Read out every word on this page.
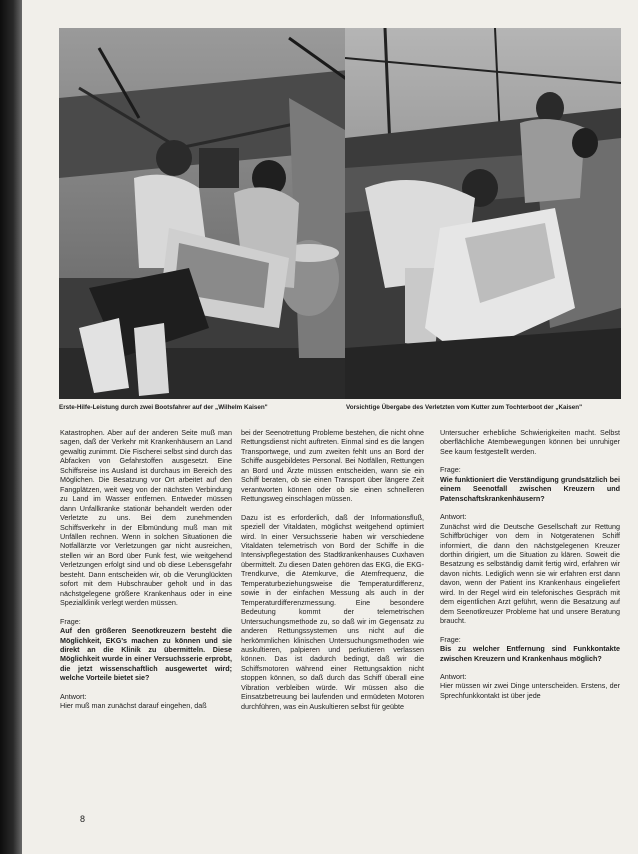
Erste-Hilfe-Leistung durch zwei Bootsfahrer auf der „Wilhelm Kaisen"	Vorsichtige Übergabe des Verletzten vom Kutter zum Tochterboot der „Kaisen"

Katastrophen. Aber auf der anderen Seite muß man sagen, daß der Verkehr mit Krankenhäusern an Land gewaltig zunimmt. Die Fischerei selbst sind durch das Abfacken von Gefahrstoffen ausgesetzt. Eine Schiffsreise ins Ausland ist durchaus im Bereich des Möglichen. Die Besatzung vor Ort arbeitet auf den Fangplätzen, weit weg von der nächsten Verbindung zu Land im Wasser entfernen. Entweder müssen dann Unfallkranke stationär behandelt werden oder Verletzte zu uns. Bei dem zunehmenden Schiffsverkehr in der Elbmündung muß man mit Unfällen rechnen. Wenn in solchen Situationen die Notfallärzte vor Verletzungen gar nicht ausreichen, stellen wir an Bord über Funk fest, wie weitgehend Verletzungen erfolgt sind und ob diese Lebensgefahr besteht. Dann entscheiden wir, ob die Verunglückten sofort mit dem Hubschrauber geholt und in das nächstgelegene größere Krankenhaus oder in eine Spezialklinik verlegt werden müssen.

Frage:
Auf den größeren Seenotkreuzern besteht die Möglichkeit, EKG's machen zu können und sie direkt an die Klinik zu übermitteln. Diese Möglichkeit wurde in einer Versuchsserie erprobt, die jetzt wissenschaftlich ausgewertet wird; welche Vorteile bietet sie?

Antwort:
Hier muß man zunächst darauf eingehen, daß

bei der Seenotrettung Probleme bestehen, die nicht ohne Rettungsdienst nicht auftreten. Einmal sind es die langen Transportwege, und zum zweiten fehlt uns an Bord der Schiffe ausgebildetes Personal. Bei Notfällen, Rettungen an Bord und Ärzte müssen entscheiden, wann sie ein Schiff beraten, ob sie einen Transport über längere Zeit verantworten können oder ob sie einen schnelleren Rettungsweg einschlagen müssen.

Dazu ist es erforderlich, daß der Informationsfluß, speziell der Vitaldaten, möglichst weitgehend optimiert wird. In einer Versuchsserie haben wir verschiedene Vitaldaten telemetrisch von Bord der Schiffe in die Intensivpflegestation des Stadtkrankenhauses Cuxhaven übermittelt. Zu diesen Daten gehören das EKG, die EKG-Trendkurve, die Atemkurve, die Atemfrequenz, die Temperaturbeziehungsweise die Temperaturdifferenz, sowie in der einfachen Messung als auch in der Temperaturdifferenzmessung. Eine besondere Bedeutung kommt der telemetrischen Untersuchungsmethode zu, so daß wir im Gegensatz zu anderen Rettungssystemen uns nicht auf die herkömmlichen klinischen Untersuchungsmethoden wie auskultieren, palpieren und perkutieren verlassen können. Das ist dadurch bedingt, daß wir die Schiffsmotoren während einer Rettungsaktion nicht stoppen können, so daß durch das Schiff überall eine Vibration verbleiben würde. Wir müssen also die Einsatzbetreuung bei laufenden und ermüdeten Motoren durchführen, was ein Auskultieren selbst für geübte

Untersucher erhebliche Schwierigkeiten macht. Selbst oberflächliche Atembewegungen können bei unruhiger See kaum festgestellt werden.

Frage:
Wie funktioniert die Verständigung grundsätzlich bei einem Seenotfall zwischen Kreuzern und Patenschaftskrankenhäusern?

Antwort:
Zunächst wird die Deutsche Gesellschaft zur Rettung Schiffbrüchiger von dem in Notgeratenen Schiff informiert, die dann den nächstgelegenen Kreuzer dorthin dirigiert, um die Situation zu klären. Soweit die Besatzung es selbständig damit fertig wird, erfahren wir davon nichts. Lediglich wenn sie wir erfahren erst dann davon, wenn der Patient ins Krankenhaus eingeliefert wird. In der Regel wird ein telefonisches Gespräch mit dem eigentlichen Arzt geführt, wenn die Besatzung auf dem Seenotkreuzer Probleme hat und unsere Beratung braucht.

Frage:
Bis zu welcher Entfernung sind Funkkontakte zwischen Kreuzern und Krankenhaus möglich?

Antwort:
Hier müssen wir zwei Dinge unterscheiden. Erstens, der Sprechfunkkontakt ist über jede

8
